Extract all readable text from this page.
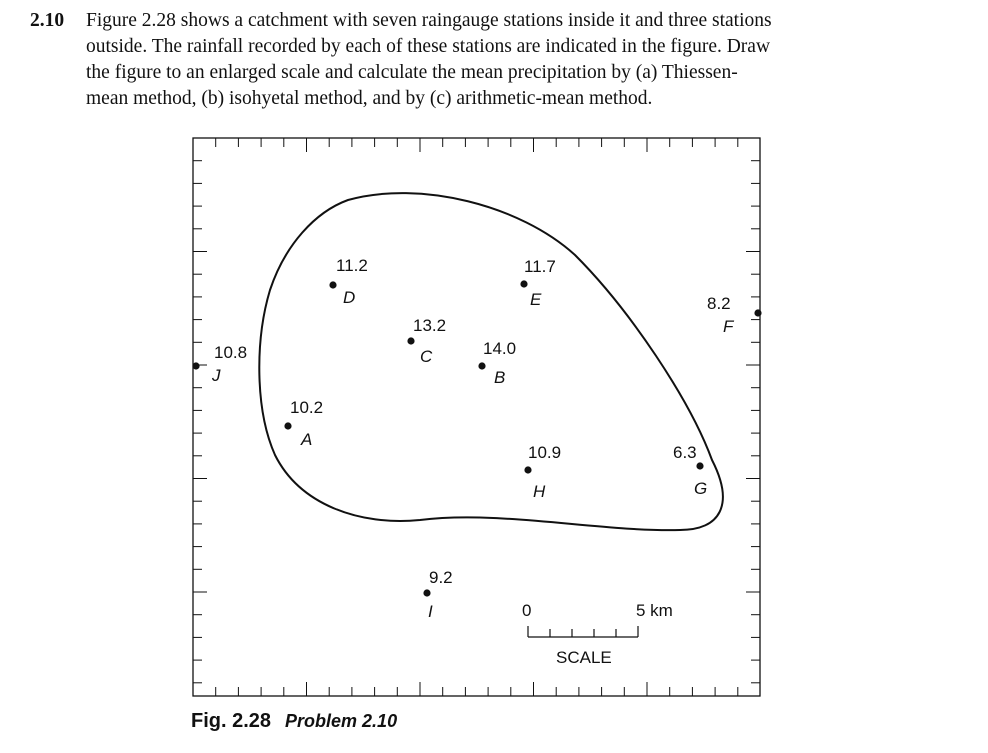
2.10 Figure 2.28 shows a catchment with seven raingauge stations inside it and three stations
outside. The rainfall recorded by each of these stations are indicated in the figure. Draw
the figure to an enlarged scale and calculate the mean precipitation by (a) Thiessen-
mean method, (b) isohyetal method, and by (c) arithmetic-mean method.
11.2
D
11.7
E
13.2
C	14.0
B
10.8
J
8.2
F
10.2
A
10.9
H
6.3
G
9.2
I	0	5 km
SCALE
Fig. 2.28 Problem 2.10
